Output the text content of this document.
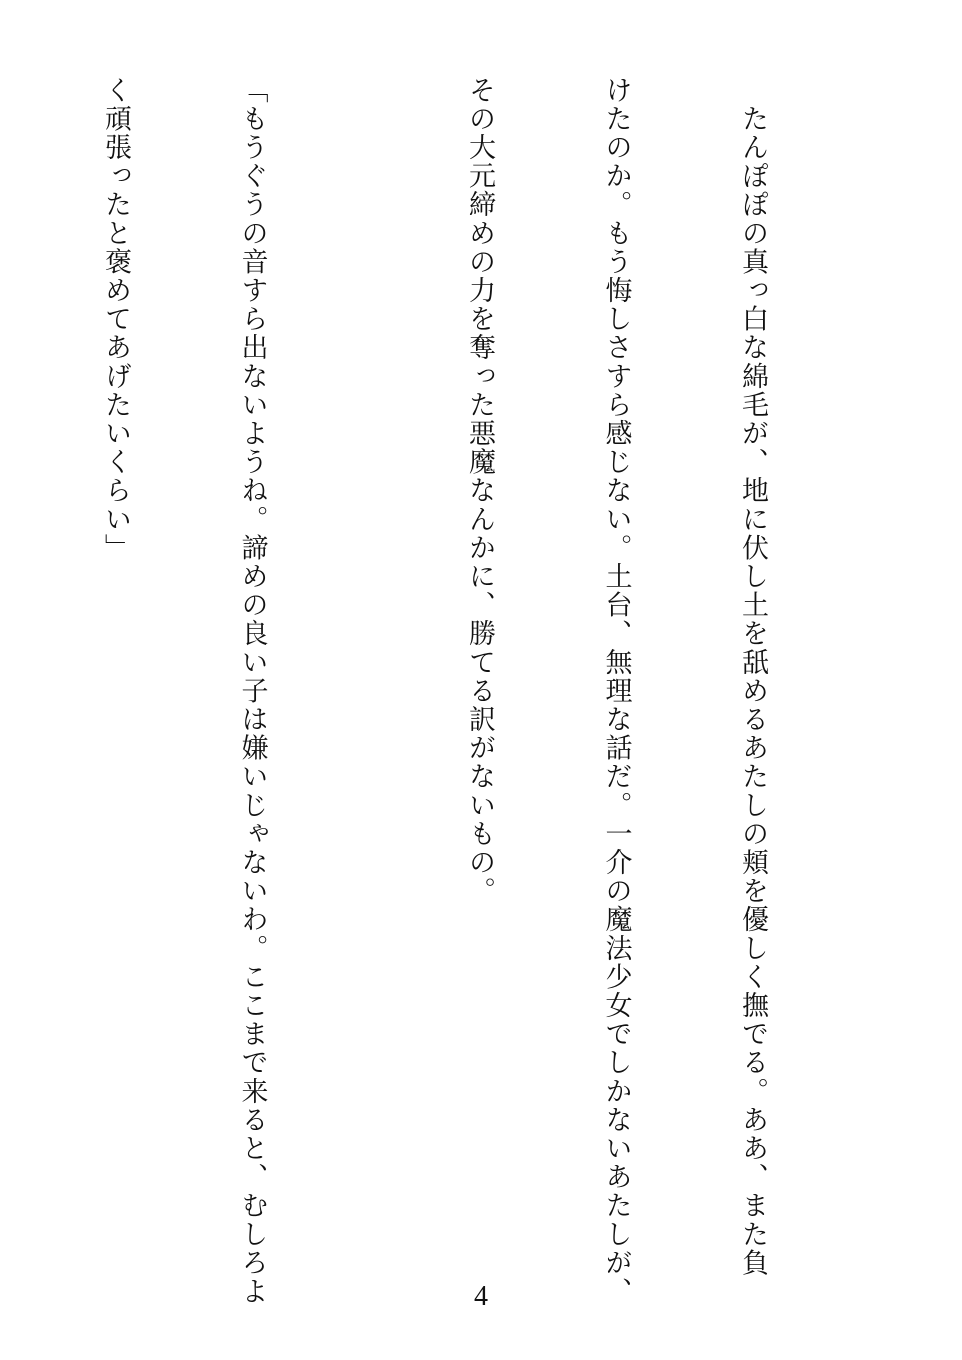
　たんぽぽの真っ白な綿毛が、地に伏し土を舐めるあたしの頬を優しく撫でる。ああ、また負

けたのか。もう悔しさすら感じない。土台、無理な話だ。一介の魔法少女でしかないあたしが、

その大元締めの力を奪った悪魔なんかに、勝てる訳がないもの。

「もうぐうの音すら出ないようね。諦めの良い子は嫌いじゃないわ。ここまで来ると、むしろよ

く頑張ったと褒めてあげたいくらい」

4
